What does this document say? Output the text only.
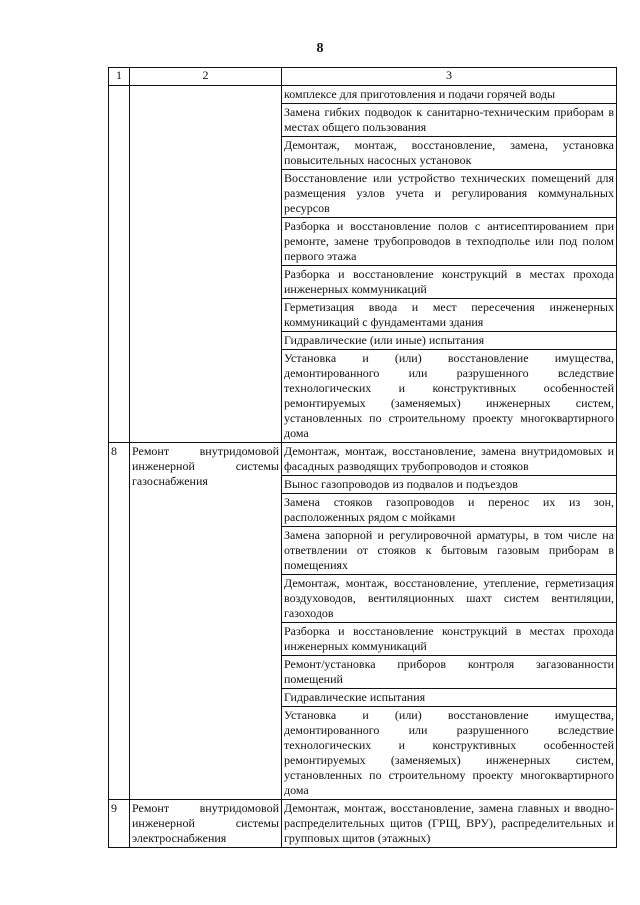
8
1	2	3
		комплексе для приготовления и подачи горячей воды
		Замена гибких подводок к санитарно-техническим приборам в местах общего пользования
		Демонтаж, монтаж, восстановление, замена, установка повысительных насосных установок
		Восстановление или устройство технических помещений для размещения узлов учета и регулирования коммунальных ресурсов
		Разборка и восстановление полов с антисептированием при ремонте, замене трубопроводов в техподполье или под полом первого этажа
		Разборка и восстановление конструкций в местах прохода инженерных коммуникаций
		Герметизация ввода и мест пересечения инженерных коммуникаций с фундаментами здания
		Гидравлические (или иные) испытания
		Установка и (или) восстановление имущества, демонтированного или разрушенного вследствие технологических и конструктивных особенностей ремонтируемых (заменяемых) инженерных систем, установленных по строительному проекту многоквартирного дома
8	Ремонт внутридомовой инженерной системы газоснабжения	Демонтаж, монтаж, восстановление, замена внутридомовых и фасадных разводящих трубопроводов и стояков
		Вынос газопроводов из подвалов и подъездов
		Замена стояков газопроводов и перенос их из зон, расположенных рядом с мойками
		Замена запорной и регулировочной арматуры, в том числе на ответвлении от стояков к бытовым газовым приборам в помещениях
		Демонтаж, монтаж, восстановление, утепление, герметизация воздуховодов, вентиляционных шахт систем вентиляции, газоходов
		Разборка и восстановление конструкций в местах прохода инженерных коммуникаций
		Ремонт/установка приборов контроля загазованности помещений
		Гидравлические испытания
		Установка и (или) восстановление имущества, демонтированного или разрушенного вследствие технологических и конструктивных особенностей ремонтируемых (заменяемых) инженерных систем, установленных по строительному проекту многоквартирного дома
9	Ремонт внутридомовой инженерной системы электроснабжения	Демонтаж, монтаж, восстановление, замена главных и вводно-распределительных щитов (ГРЩ, ВРУ), распределительных и групповых щитов (этажных)
